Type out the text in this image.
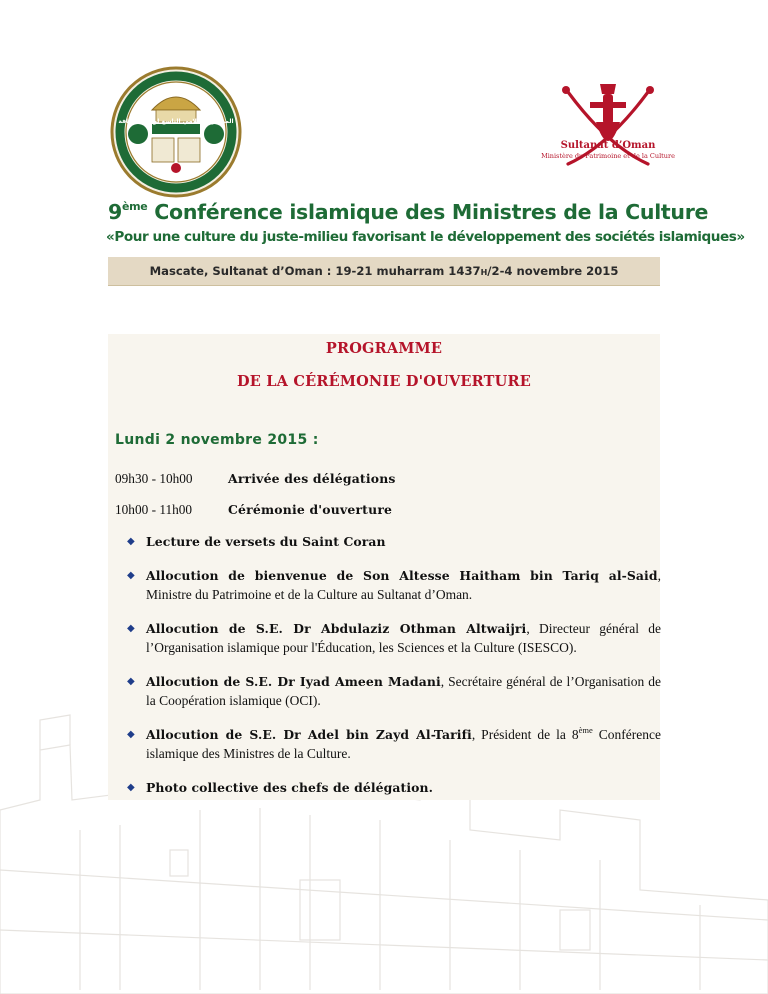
المؤتمر الإسلامي التاسع لوزراء الثقافة
Sultanat d’Oman
Ministère du Patrimoine et de la Culture
9ème Conférence islamique des Ministres de la Culture
«Pour une culture du juste-milieu favorisant le développement des sociétés islamiques»
Mascate, Sultanat d’Oman : 19-21 muharram 1437H/2-4 novembre 2015
PROGRAMME
DE LA CÉRÉMONIE D'OUVERTURE
Lundi 2 novembre 2015 :
09h30 - 10h00	Arrivée des délégations
10h00 - 11h00	Cérémonie d'ouverture
◆ Lecture de versets du Saint Coran
◆ Allocution de bienvenue de Son Altesse Haitham bin Tariq al-Said, Ministre du Patrimoine et de la Culture au Sultanat d’Oman.
◆ Allocution de S.E. Dr Abdulaziz Othman Altwaijri, Directeur général de l’Organisation islamique pour l'Éducation, les Sciences et la Culture (ISESCO).
◆ Allocution de S.E. Dr Iyad Ameen Madani, Secrétaire général de l’Organisation de la Coopération islamique (OCI).
◆ Allocution de S.E. Dr Adel bin Zayd Al-Tarifi, Président de la 8ème Conférence islamique des Ministres de la Culture.
◆ Photo collective des chefs de délégation.
